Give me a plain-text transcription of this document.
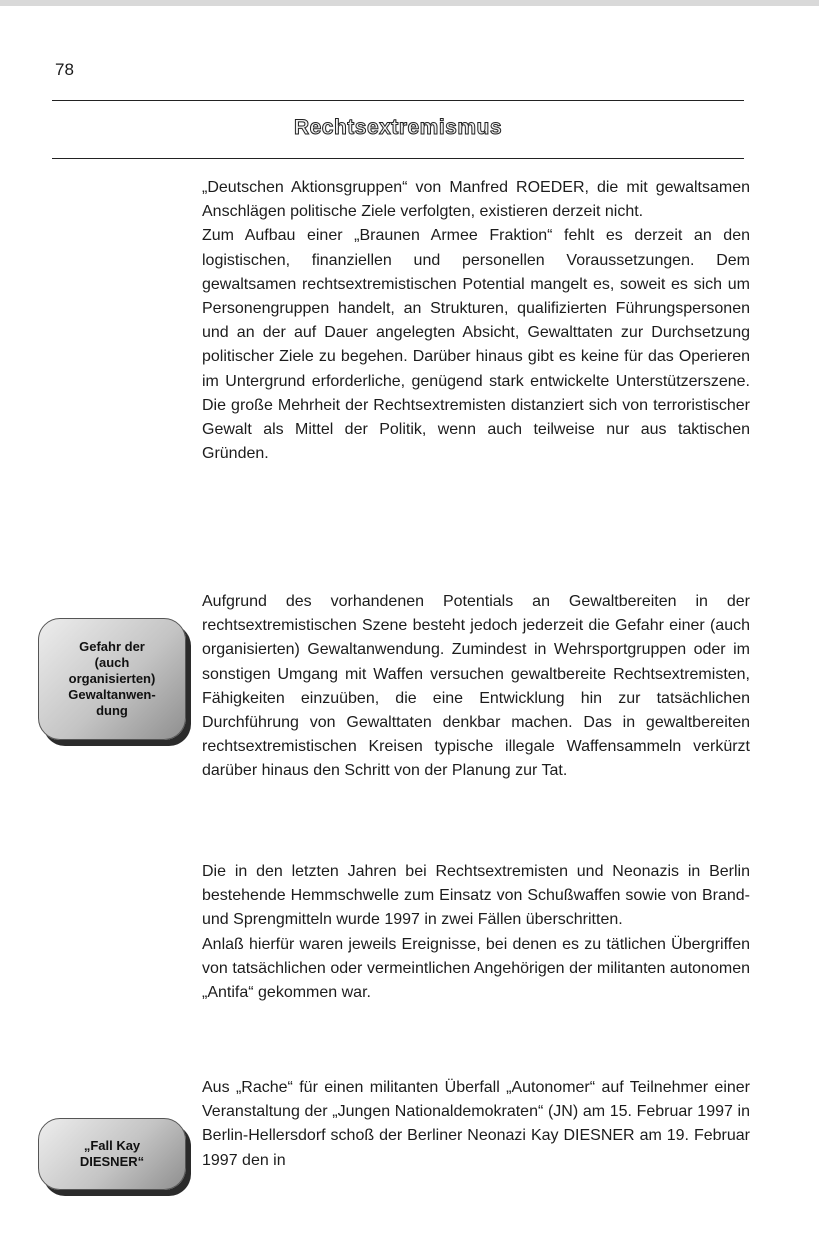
78
Rechtsextremismus

„Deutschen Aktionsgruppen“ von Manfred ROEDER, die mit gewaltsamen Anschlägen politische Ziele verfolgten, existieren derzeit nicht.

Zum Aufbau einer „Braunen Armee Fraktion“ fehlt es derzeit an den logistischen, finanziellen und personellen Voraussetzungen. Dem gewaltsamen rechtsextremistischen Potential mangelt es, soweit es sich um Personengruppen handelt, an Strukturen, qualifizierten Führungspersonen und an der auf Dauer angelegten Absicht, Gewalttaten zur Durchsetzung politischer Ziele zu begehen. Darüber hinaus gibt es keine für das Operieren im Untergrund erforderliche, genügend stark entwickelte Unterstützerszene. Die große Mehrheit der Rechtsextremisten distanziert sich von terroristischer Gewalt als Mittel der Politik, wenn auch teilweise nur aus taktischen Gründen.

Gefahr der
(auch
organisierten)
Gewaltanwen-
dung

Aufgrund des vorhandenen Potentials an Gewaltbereiten in der rechtsextremistischen Szene besteht jedoch jederzeit die Gefahr einer (auch organisierten) Gewaltanwendung. Zumindest in Wehrsportgruppen oder im sonstigen Umgang mit Waffen versuchen gewaltbereite Rechtsextremisten, Fähigkeiten einzuüben, die eine Entwicklung hin zur tatsächlichen Durchführung von Gewalttaten denkbar machen. Das in gewaltbereiten rechtsextremistischen Kreisen typische illegale Waffensammeln verkürzt darüber hinaus den Schritt von der Planung zur Tat.

Die in den letzten Jahren bei Rechtsextremisten und Neonazis in Berlin bestehende Hemmschwelle zum Einsatz von Schußwaffen sowie von Brand- und Sprengmitteln wurde 1997 in zwei Fällen überschritten.

Anlaß hierfür waren jeweils Ereignisse, bei denen es zu tätlichen Übergriffen von tatsächlichen oder vermeintlichen Angehörigen der militanten autonomen „Antifa“ gekommen war.

„Fall Kay
DIESNER“

Aus „Rache“ für einen militanten Überfall „Autonomer“ auf Teilnehmer einer Veranstaltung der „Jungen Nationaldemokraten“ (JN) am 15. Februar 1997 in Berlin-Hellersdorf schoß der Berliner Neonazi Kay DIESNER am 19. Februar 1997 den in
